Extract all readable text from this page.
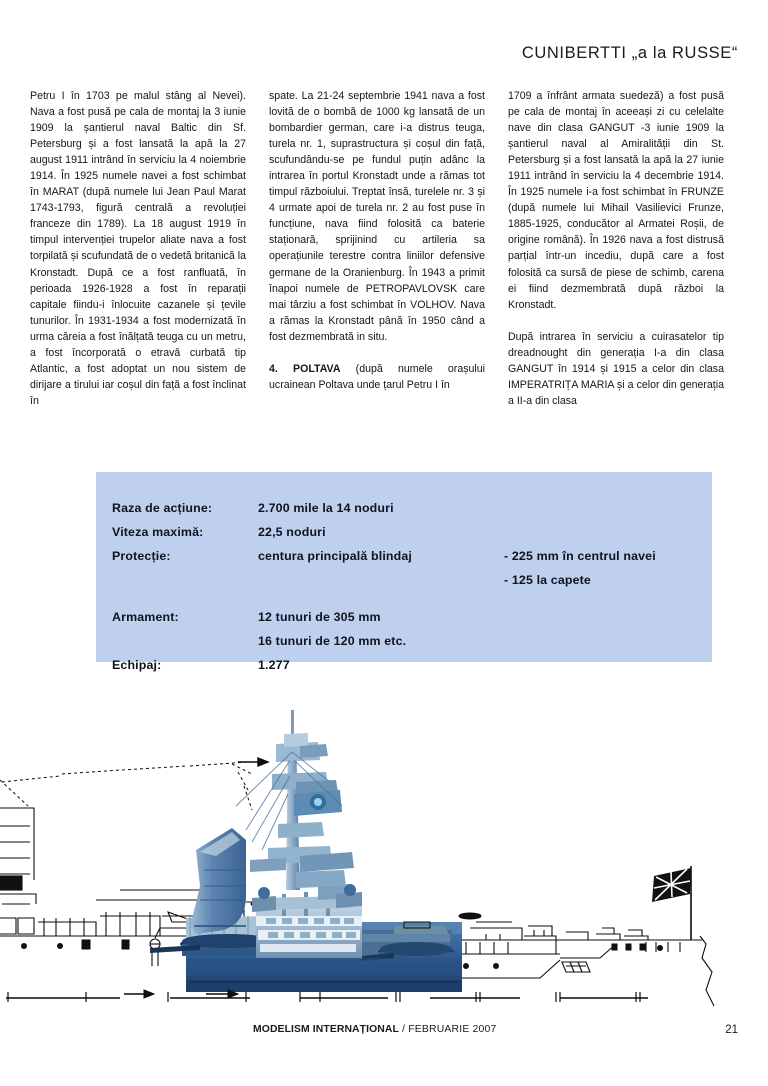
CUNIBERTTI „a la RUSSE“

Petru I în 1703 pe malul stâng al Nevei). Nava a fost pusă pe cala de montaj la 3 iunie 1909 la șantierul naval Baltic din Sf. Petersburg și a fost lansată la apă la 27 august 1911 intrând în serviciu la 4 noiembrie 1914. În 1925 numele navei a fost schimbat în MARAT (după numele lui Jean Paul Marat 1743-1793, figură centrală a revoluției franceze din 1789). La 18 august 1919 în timpul intervenției trupelor aliate nava a fost torpilată și scufundată de o vedetă britanică la Kronstadt. După ce a fost ranfluată, în perioada 1926-1928 a fost în reparații capitale fiindu-i înlocuite cazanele și țevile tunurilor. În 1931-1934 a fost modernizată în urma căreia a fost înălțată teuga cu un metru, a fost încorporată o etravă curbată tip Atlantic, a fost adoptat un nou sistem de dirijare a tirului iar coșul din față a fost înclinat în

spate. La 21-24 septembrie 1941 nava a fost lovită de o bombă de 1000 kg lansată de un bombardier german, care i-a distrus teuga, turela nr. 1, suprastructura și coșul din față, scufundându-se pe fundul puțin adânc la intrarea în portul Kronstadt unde a rămas tot timpul războiului. Treptat însă, turelele nr. 3 și 4 urmate apoi de turela nr. 2 au fost puse în funcțiune, nava fiind folosită ca baterie staționară, sprijinind cu artileria sa operațiunile terestre contra liniilor defensive germane de la Oranienburg. În 1943 a primit înapoi numele de PETROPAVLOVSK care mai târziu a fost schimbat în VOLHOV. Nava a rămas la Kronstadt până în 1950 când a fost dezmembrată in situ.

4. POLTAVA (după numele orașului ucrainean Poltava unde țarul Petru I în

1709 a înfrânt armata suedeză) a fost pusă pe cala de montaj în aceeași zi cu celelalte nave din clasa GANGUT -3 iunie 1909 la șantierul naval al Amiralității din St. Petersburg și a fost lansată la apă la 27 iunie 1911 intrând în serviciu la 4 decembrie 1914. În 1925 numele i-a fost schimbat în FRUNZE (după numele lui Mihail Vasilievici Frunze, 1885-1925, conducător al Armatei Roșii, de origine română). În 1926 nava a fost distrusă parțial într-un incediu, după care a fost folosită ca sursă de piese de schimb, carena ei fiind dezmembrată după război la Kronstadt.

După intrarea în serviciu a cuirasatelor tip dreadnought din generația I-a din clasa GANGUT în 1914 și 1915 a celor din clasa IMPERATRIȚA MARIA și a celor din generația a II-a din clasa

Raza de acțiune:	2.700 mile la 14 noduri
Viteza maximă:	22,5 noduri
Protecție:	centura principală blindaj	- 225 mm în centrul navei
- 125 la capete
Armament:	12 tunuri de 305 mm
16 tunuri de 120 mm etc.
Echipaj:	1.277
MODELISM INTERNAȚIONAL / FEBRUARIE 2007	21
